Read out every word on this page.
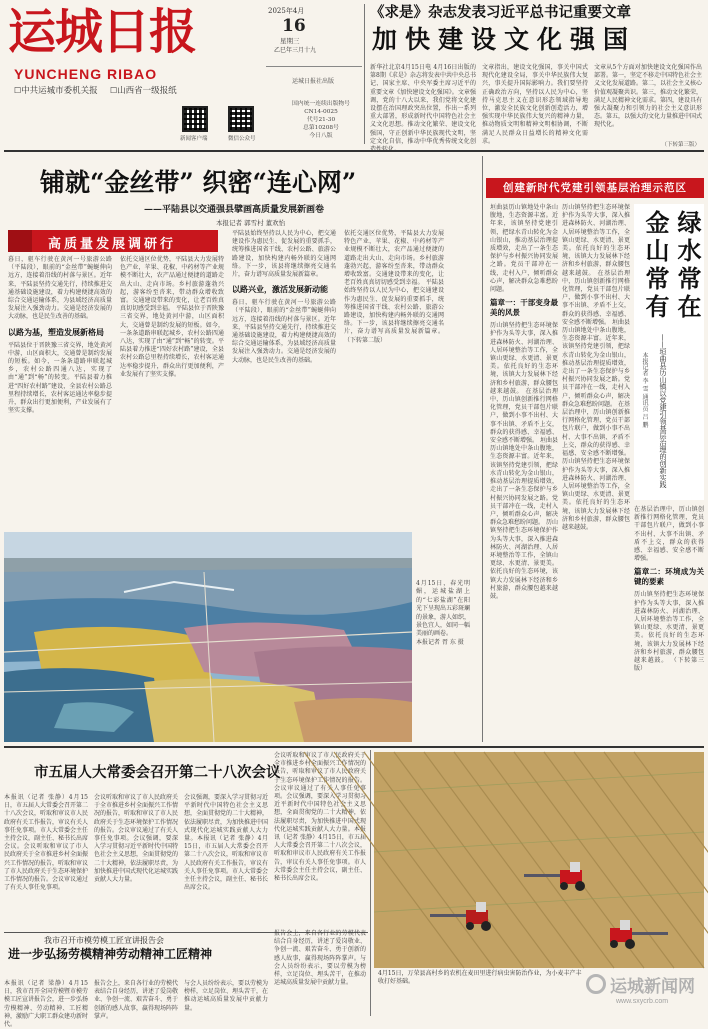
运城日报
YUNCHENG RIBAO
☐中共运城市委机关报 ☐山西省一级报纸
新闻客户端	微信公众号
2025年4月
16
星期三
乙巳年三月十九
运城日报社出版
国内统一连续出版物号
CN14-0025
代号21-30
总第10208号
今日八版
《求是》杂志发表习近平总书记重要文章
加快建设文化强国
新华社北京4月15日电 4月16日出版的第8期《求是》杂志将发表中共中央总书记、国家主席、中央军委主席习近平的重要文章《加快建设文化强国》。文章强调，党的十八大以来，我们党将文化建设摆在治国理政突出位置，作出一系列重大部署，形成新时代中国特色社会主义文化思想。推动文化繁荣、建设文化强国，守正创新中华民族现代文明，坚定文化自信，推动中华优秀传统文化创
文章指出，建设文化强国，事关中国式现代化建设全局，事关中华民族伟大复兴，事关提升国际影响力。我们要坚持正确政治方向，坚持以人民为中心，坚持马克思主义在意识形态领域指导地位，激发全民族文化创新创造活力，增强实现中华民族伟大复兴的精神力量，推动物质文明和精神文明相协调，不断满足人民群众日益增长的精神文化需求。
文章从5个方面对加快建设文化强国作出部署。第一，坚定不移走中国特色社会主义文化发展道路。第二，以社会主义核心价值观凝聚共识。第三，推动文化繁荣，满足人民精神文化需求。第四，建设具有强大凝聚力和引领力的社会主义意识形态。第五，以强大的文化力量推进中国式现代化。
（下转第三版）
铺就“金丝带” 织密“连心网”
——平陆县以交通强县擘画高质量发展新画卷
本报记者 郭雪村 董欢怡
高质量发展调研行
暮日，驱车行驶在黄河一号旅游公路（平陆段），眼前的“金丝带”蜿蜒伸向远方，连接着沿线的村落与景区。近年来，平陆县坚持交通先行，持续推进交通基础设施建设，着力构建便捷高效的综合交通运输体系，为县域经济高质量发展注入强劲动力。交通是经济发展的大动脉，也是民生改善的基础。
以路为基，塑造发展新格局
平陆县位于晋陕豫三省交界，地处黄河中游，山区面积大，交通曾是制约发展的短板。如今，一条条道路串联起城乡，农村公路四通八达，实现了由“通”到“畅”的转变。平陆县着力推进“四好农村路”建设，全县农村公路总里程持续增长，农村客运通达率稳步提升，群众出行更加便利，产业发展有了坚实支撑。
依托交通区位优势，平陆县大力发展特色产业，苹果、花椒、中药材等产业规模不断壮大，农产品通过便捷的道路走出大山、走向市场。乡村旅游蓬勃兴起，游客纷至沓来，带动群众增收致富。交通建设带来的变化，让老百姓真真切切感受到幸福。 平陆县位于晋陕豫三省交界，地处黄河中游，山区面积大，交通曾是制约发展的短板。如今，一条条道路串联起城乡，农村公路四通八达，实现了由“通”到“畅”的转变。平陆县着力推进“四好农村路”建设，全县农村公路总里程持续增长，农村客运通达率稳步提升，群众出行更加便利，产业发展有了坚实支撑。
平陆县始终坚持以人民为中心，把交通建设作为惠民生、促发展的重要抓手，统筹推进国省干线、农村公路、旅游公路建设，加快构建内畅外联的交通网络。下一步，该县将继续擦亮交通名片，奋力谱写高质量发展新篇章。
以路兴业，激活发展新动能
暮日，驱车行驶在黄河一号旅游公路（平陆段），眼前的“金丝带”蜿蜒伸向远方，连接着沿线的村落与景区。近年来，平陆县坚持交通先行，持续推进交通基础设施建设，着力构建便捷高效的综合交通运输体系，为县域经济高质量发展注入强劲动力。交通是经济发展的大动脉，也是民生改善的基础。
依托交通区位优势，平陆县大力发展特色产业，苹果、花椒、中药材等产业规模不断壮大，农产品通过便捷的道路走出大山、走向市场。乡村旅游蓬勃兴起，游客纷至沓来，带动群众增收致富。交通建设带来的变化，让老百姓真真切切感受到幸福。 平陆县始终坚持以人民为中心，把交通建设作为惠民生、促发展的重要抓手，统筹推进国省干线、农村公路、旅游公路建设，加快构建内畅外联的交通网络。下一步，该县将继续擦亮交通名片，奋力谱写高质量发展新篇章。 （下转第二版）
4月15日，春光明媚，运城盐湖上的“七彩盐湖”在阳光下呈现出五彩斑斓的景象，游人如织，景色宜人，如同一幅美丽的画卷。
本报记者 胥 东 摄
创建新时代党建引领基层治理示范区
垣曲县历山镇地处中条山腹地，生态资源丰富。近年来，该镇坚持党建引领，把绿水青山转化为金山银山，推动基层治理提质增效，走出了一条生态保护与乡村振兴协同发展之路。党员干部冲在一线，走村入户，倾听群众心声，解决群众急难愁盼问题。
篇章一：干部变身最美的风景
历山镇坚持把生态环境保护作为头等大事，深入推进森林防火、河湖治理、人居环境整治等工作，全镇山更绿、水更清、景更美。依托良好的生态环境，该镇大力发展林下经济和乡村旅游，群众腰包越来越鼓。 在基层治理中，历山镇创新推行网格化管理，党员干部包片联户，做到小事不出村、大事不出镇、矛盾不上交，群众的获得感、幸福感、安全感不断增强。 垣曲县历山镇地处中条山腹地，生态资源丰富。近年来，该镇坚持党建引领，把绿水青山转化为金山银山，推动基层治理提质增效，走出了一条生态保护与乡村振兴协同发展之路。党员干部冲在一线，走村入户，倾听群众心声，解决群众急难愁盼问题。 历山镇坚持把生态环境保护作为头等大事，深入推进森林防火、河湖治理、人居环境整治等工作，全镇山更绿、水更清、景更美。依托良好的生态环境，该镇大力发展林下经济和乡村旅游，群众腰包越来越鼓。
历山镇坚持把生态环境保护作为头等大事，深入推进森林防火、河湖治理、人居环境整治等工作，全镇山更绿、水更清、景更美。依托良好的生态环境，该镇大力发展林下经济和乡村旅游，群众腰包越来越鼓。 在基层治理中，历山镇创新推行网格化管理，党员干部包片联户，做到小事不出村、大事不出镇、矛盾不上交，群众的获得感、幸福感、安全感不断增强。 垣曲县历山镇地处中条山腹地，生态资源丰富。近年来，该镇坚持党建引领，把绿水青山转化为金山银山，推动基层治理提质增效，走出了一条生态保护与乡村振兴协同发展之路。党员干部冲在一线，走村入户，倾听群众心声，解决群众急难愁盼问题。 在基层治理中，历山镇创新推行网格化管理，党员干部包片联户，做到小事不出村、大事不出镇、矛盾不上交，群众的获得感、幸福感、安全感不断增强。 历山镇坚持把生态环境保护作为头等大事，深入推进森林防火、河湖治理、人居环境整治等工作，全镇山更绿、水更清、景更美。依托良好的生态环境，该镇大力发展林下经济和乡村旅游，群众腰包越来越鼓。
金山常有 绿水常在
——垣曲县历山镇以党建引领基层治理的创新实践
本报记者 李 雪 通讯员 吕 鹏
在基层治理中，历山镇创新推行网格化管理，党员干部包片联户，做到小事不出村、大事不出镇、矛盾不上交，群众的获得感、幸福感、安全感不断增强。
篇章二：环境成为关键的要素
历山镇坚持把生态环境保护作为头等大事，深入推进森林防火、河湖治理、人居环境整治等工作，全镇山更绿、水更清、景更美。依托良好的生态环境，该镇大力发展林下经济和乡村旅游，群众腰包越来越鼓。 （下转第三版）
市五届人大常委会召开第二十八次会议
本报讯（记者 张静）4月15日，市五届人大常委会召开第二十八次会议，听取和审议市人民政府有关工作报告，审议有关人事任免事项。市人大常委会主任主持会议，副主任、秘书长出席会议。会议听取和审议了市人民政府关于全市推进乡村全面振兴工作情况的报告，听取和审议了市人民政府关于生态环境保护工作情况的报告。会议审议通过了有关人事任免事项。
会议听取和审议了市人民政府关于全市推进乡村全面振兴工作情况的报告，听取和审议了市人民政府关于生态环境保护工作情况的报告。会议审议通过了有关人事任免事项。会议强调，要深入学习贯彻习近平新时代中国特色社会主义思想，全面贯彻党的二十大精神，依法履职尽责，为加快推进中国式现代化运城实践贡献人大力量。
会议强调，要深入学习贯彻习近平新时代中国特色社会主义思想，全面贯彻党的二十大精神，依法履职尽责，为加快推进中国式现代化运城实践贡献人大力量。本报讯（记者 张静）4月15日，市五届人大常委会召开第二十八次会议，听取和审议市人民政府有关工作报告，审议有关人事任免事项。市人大常委会主任主持会议，副主任、秘书长出席会议。
会议听取和审议了市人民政府关于全市推进乡村全面振兴工作情况的报告，听取和审议了市人民政府关于生态环境保护工作情况的报告。会议审议通过了有关人事任免事项。会议强调，要深入学习贯彻习近平新时代中国特色社会主义思想，全面贯彻党的二十大精神，依法履职尽责，为加快推进中国式现代化运城实践贡献人大力量。本报讯（记者 张静）4月15日，市五届人大常委会召开第二十八次会议，听取和审议市人民政府有关工作报告，审议有关人事任免事项。市人大常委会主任主持会议，副主任、秘书长出席会议。
我市召开市模劳模工匠宣讲报告会
进一步弘扬劳模精神劳动精神工匠精神
本报讯（记者 梁静）4月15日，我市召开全国劳模暨市模劳模工匠宣讲报告会，进一步弘扬劳模精神、劳动精神、工匠精神，激励广大职工群众建功新时代。
报告会上，来自各行业的劳模代表结合自身经历，讲述了爱岗敬业、争创一流、艰苦奋斗、勇于创新的感人故事，赢得现场阵阵掌声。
与会人员纷纷表示，要以劳模为榜样，立足岗位、埋头苦干，在推动运城高质量发展中贡献力量。
报告会上，来自各行业的劳模代表结合自身经历，讲述了爱岗敬业、争创一流、艰苦奋斗、勇于创新的感人故事，赢得现场阵阵掌声。与会人员纷纷表示，要以劳模为榜样，立足岗位、埋头苦干，在推动运城高质量发展中贡献力量。
4月15日，万荣县高村乡的农机在麦田里进行病虫害防治作业，为小麦丰产丰收打好基础。	运城新闻网
www.sxycrb.com
